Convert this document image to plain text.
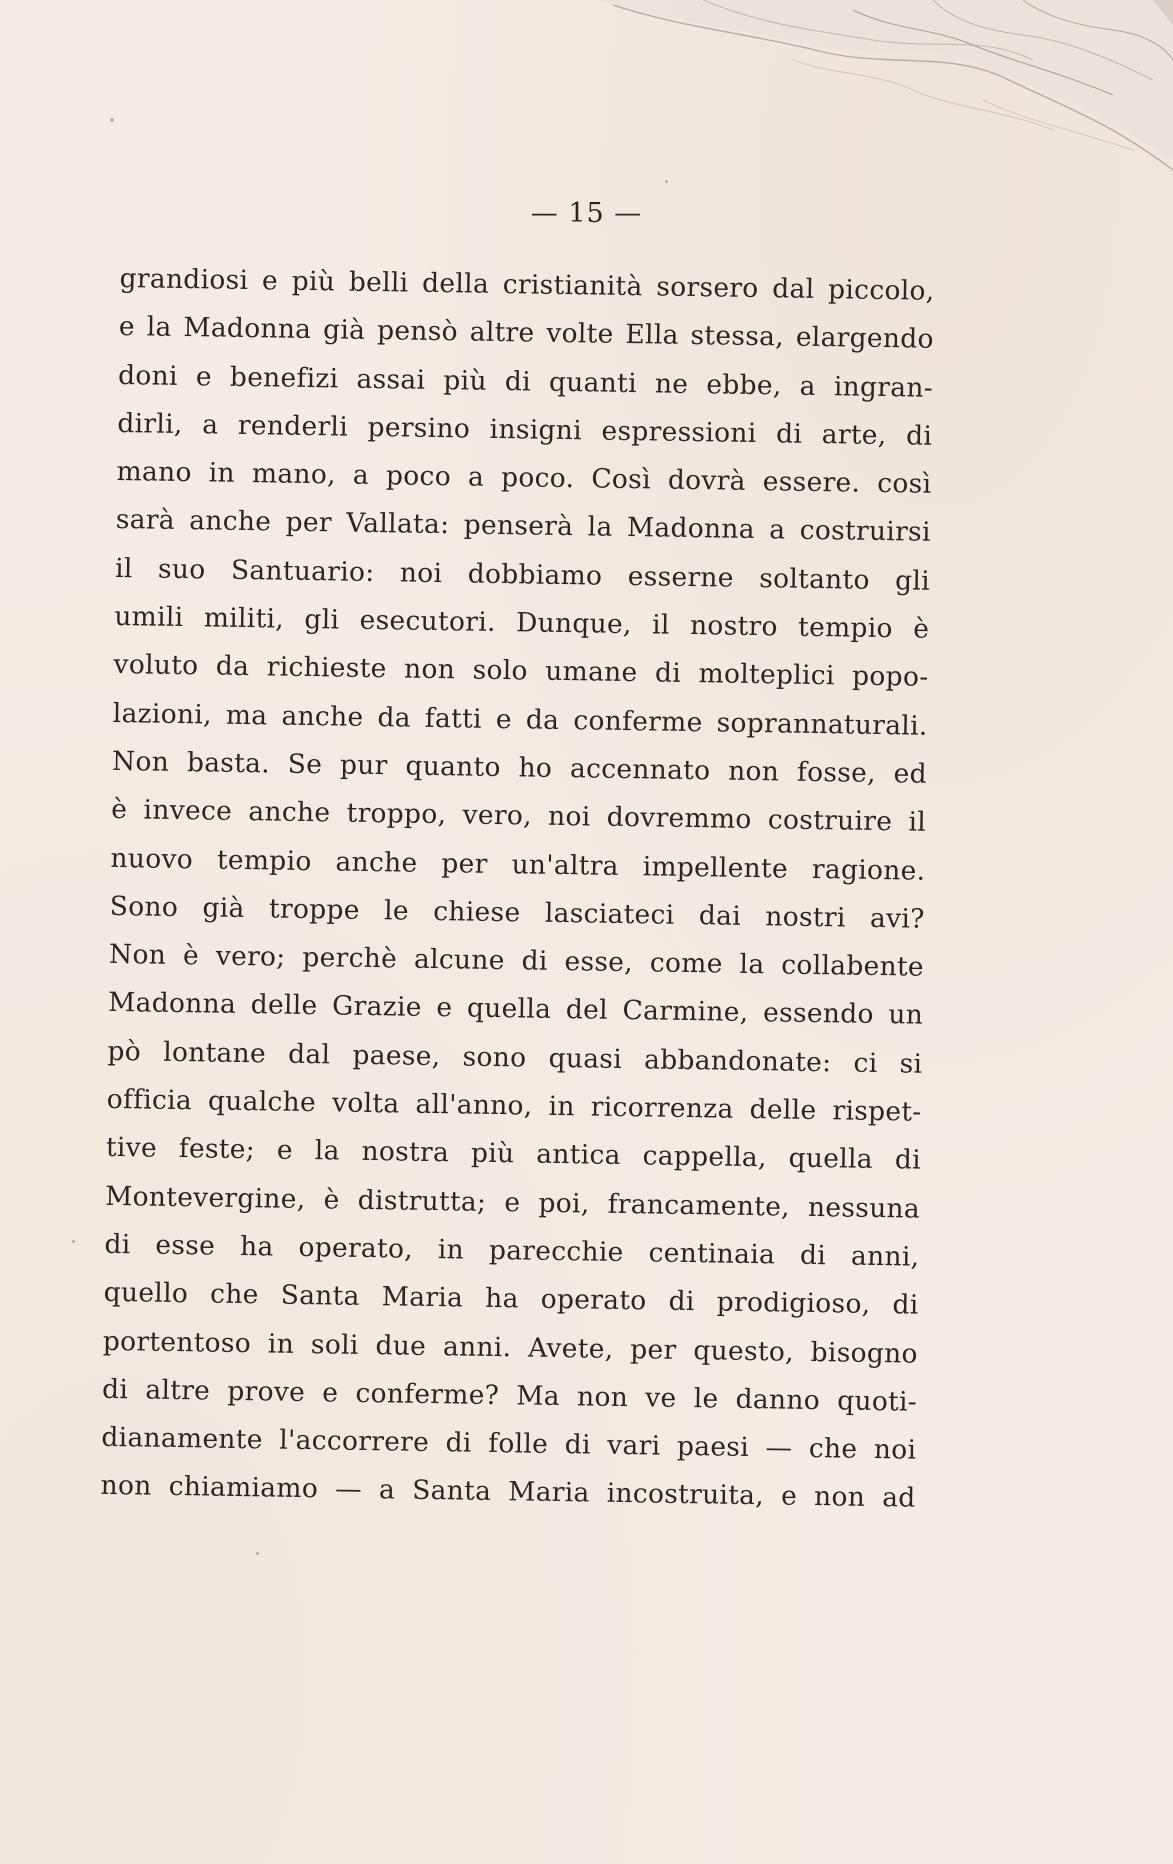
— 15 —
grandiosi e più belli della cristianità sorsero dal piccolo,
e la Madonna già pensò altre volte Ella stessa, elargendo
doni e benefizi assai più di quanti ne ebbe, a ingran-
dirli, a renderli persino insigni espressioni di arte, di
mano in mano, a poco a poco. Così dovrà essere. così
sarà anche per Vallata: penserà la Madonna a costruirsi
il suo Santuario: noi dobbiamo esserne soltanto gli
umili militi, gli esecutori. Dunque, il nostro tempio è
voluto da richieste non solo umane di molteplici popo-
lazioni, ma anche da fatti e da conferme soprannaturali.
Non basta. Se pur quanto ho accennato non fosse, ed
è invece anche troppo, vero, noi dovremmo costruire il
nuovo tempio anche per un'altra impellente ragione.
Sono già troppe le chiese lasciateci dai nostri avi?
Non è vero; perchè alcune di esse, come la collabente
Madonna delle Grazie e quella del Carmine, essendo un
pò lontane dal paese, sono quasi abbandonate: ci si
officia qualche volta all'anno, in ricorrenza delle rispet-
tive feste; e la nostra più antica cappella, quella di
Montevergine, è distrutta; e poi, francamente, nessuna
di esse ha operato, in parecchie centinaia di anni,
quello che Santa Maria ha operato di prodigioso, di
portentoso in soli due anni. Avete, per questo, bisogno
di altre prove e conferme? Ma non ve le danno quoti-
dianamente l'accorrere di folle di vari paesi — che noi
non chiamiamo — a Santa Maria incostruita, e non ad
